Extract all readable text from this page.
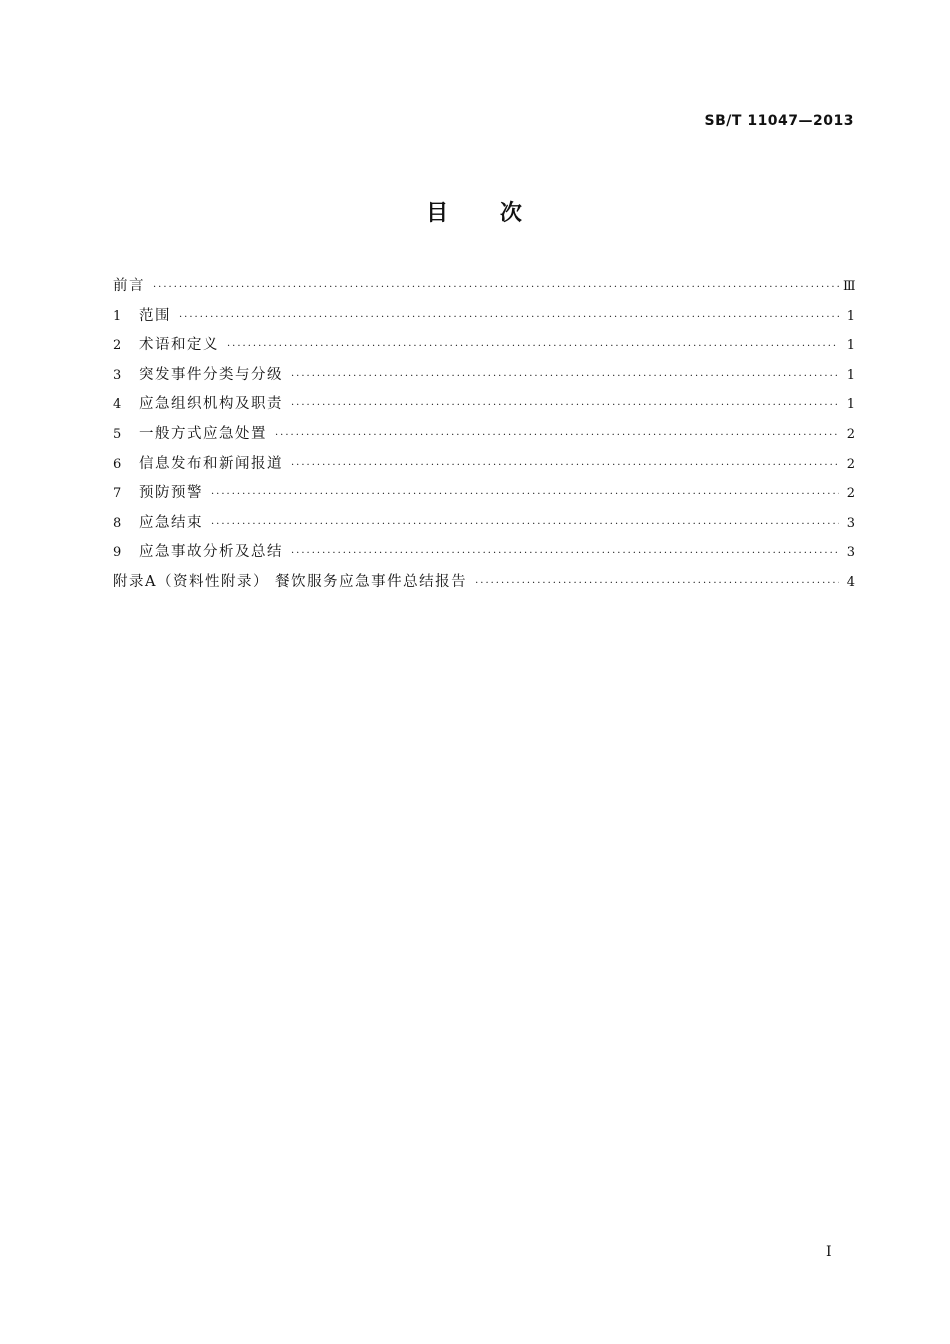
SB/T 11047—2013
目 次
前言 ·····	Ⅲ
1	范围 ·····	1
2	术语和定义 ·····	1
3	突发事件分类与分级 ·····	1
4	应急组织机构及职责 ·····	1
5	一般方式应急处置 ·····	2
6	信息发布和新闻报道 ·····	2
7	预防预警 ·····	2
8	应急结束 ·····	3
9	应急事故分析及总结 ·····	3
附录A（资料性附录） 餐饮服务应急事件总结报告 ·····	4
I
